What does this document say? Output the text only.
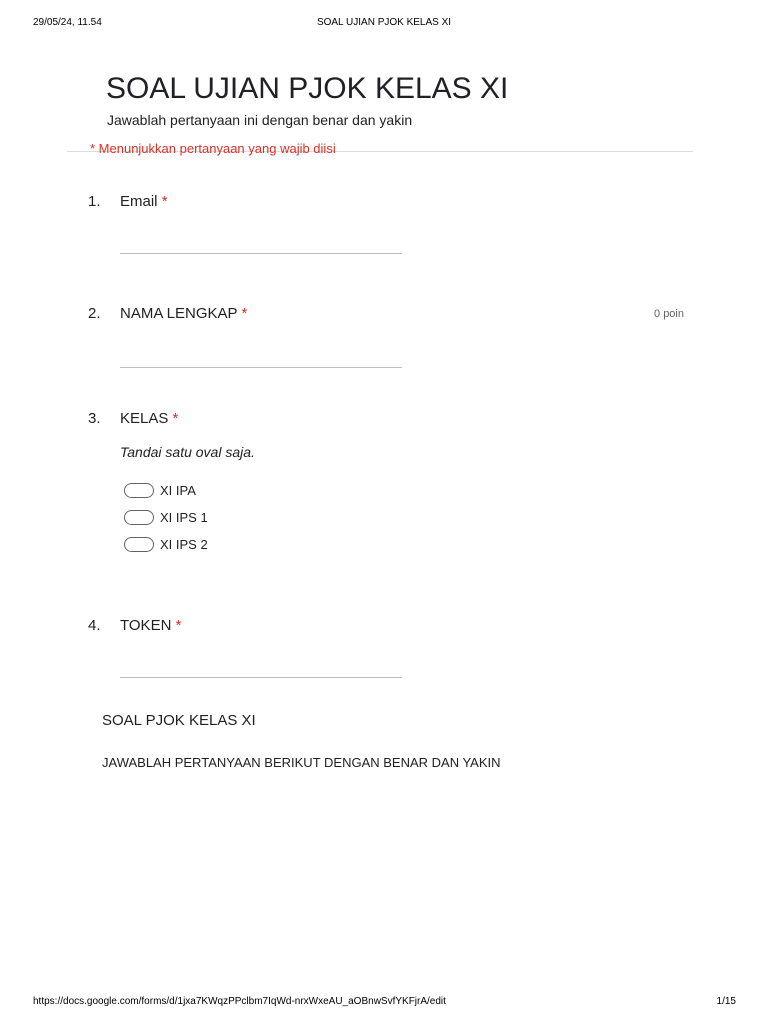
29/05/24, 11.54	SOAL UJIAN PJOK KELAS XI
SOAL UJIAN PJOK KELAS XI
Jawablah pertanyaan ini dengan benar dan yakin
* Menunjukkan pertanyaan yang wajib diisi
1. Email *
2. NAMA LENGKAP *	0 poin
3. KELAS *
Tandai satu oval saja.
XI IPA
XI IPS 1
XI IPS 2
4. TOKEN *
SOAL PJOK KELAS XI
JAWABLAH PERTANYAAN BERIKUT DENGAN BENAR DAN YAKIN
https://docs.google.com/forms/d/1jxa7KWqzPPclbm7IqWd-nrxWxeAU_aOBnwSvfYKFjrA/edit	1/15
